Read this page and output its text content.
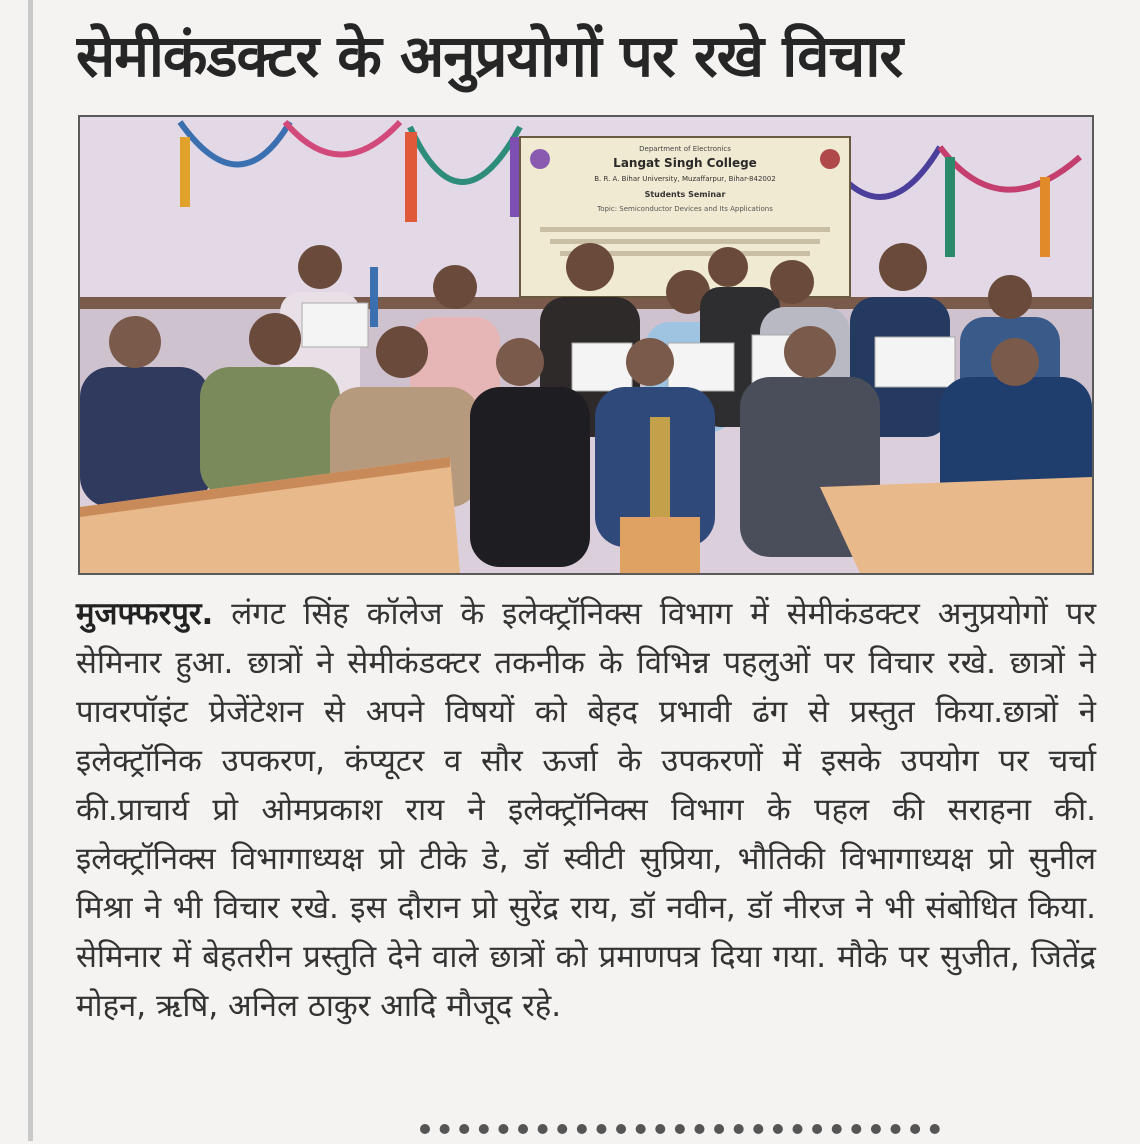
सेमीकंडक्टर के अनुप्रयोगों पर रखे विचार
Department of Electronics
Langat Singh College
B. R. A. Bihar University, Muzaffarpur, Bihar-842002
Students Seminar
Topic: Semiconductor Devices and Its Applications
मुजफ्फरपुर. लंगट सिंह कॉलेज के इलेक्ट्रॉनिक्स विभाग में सेमीकंडक्टर अनुप्रयोगों पर सेमिनार हुआ. छात्रों ने सेमीकंडक्टर तकनीक के विभिन्न पहलुओं पर विचार रखे. छात्रों ने पावरपॉइंट प्रेजेंटेशन से अपने विषयों को बेहद प्रभावी ढंग से प्रस्तुत किया.छात्रों ने इलेक्ट्रॉनिक उपकरण, कंप्यूटर व सौर ऊर्जा के उपकरणों में इसके उपयोग पर चर्चा की.प्राचार्य प्रो ओमप्रकाश राय ने इलेक्ट्रॉनिक्स विभाग के पहल की सराहना की. इलेक्ट्रॉनिक्स विभागाध्यक्ष प्रो टीके डे, डॉ स्वीटी सुप्रिया, भौतिकी विभागाध्यक्ष प्रो सुनील मिश्रा ने भी विचार रखे. इस दौरान प्रो सुरेंद्र राय, डॉ नवीन, डॉ नीरज ने भी संबोधित किया. सेमिनार में बेहतरीन प्रस्तुति देने वाले छात्रों को प्रमाणपत्र दिया गया. मौके पर सुजीत, जितेंद्र मोहन, ऋषि, अनिल ठाकुर आदि मौजूद रहे.
